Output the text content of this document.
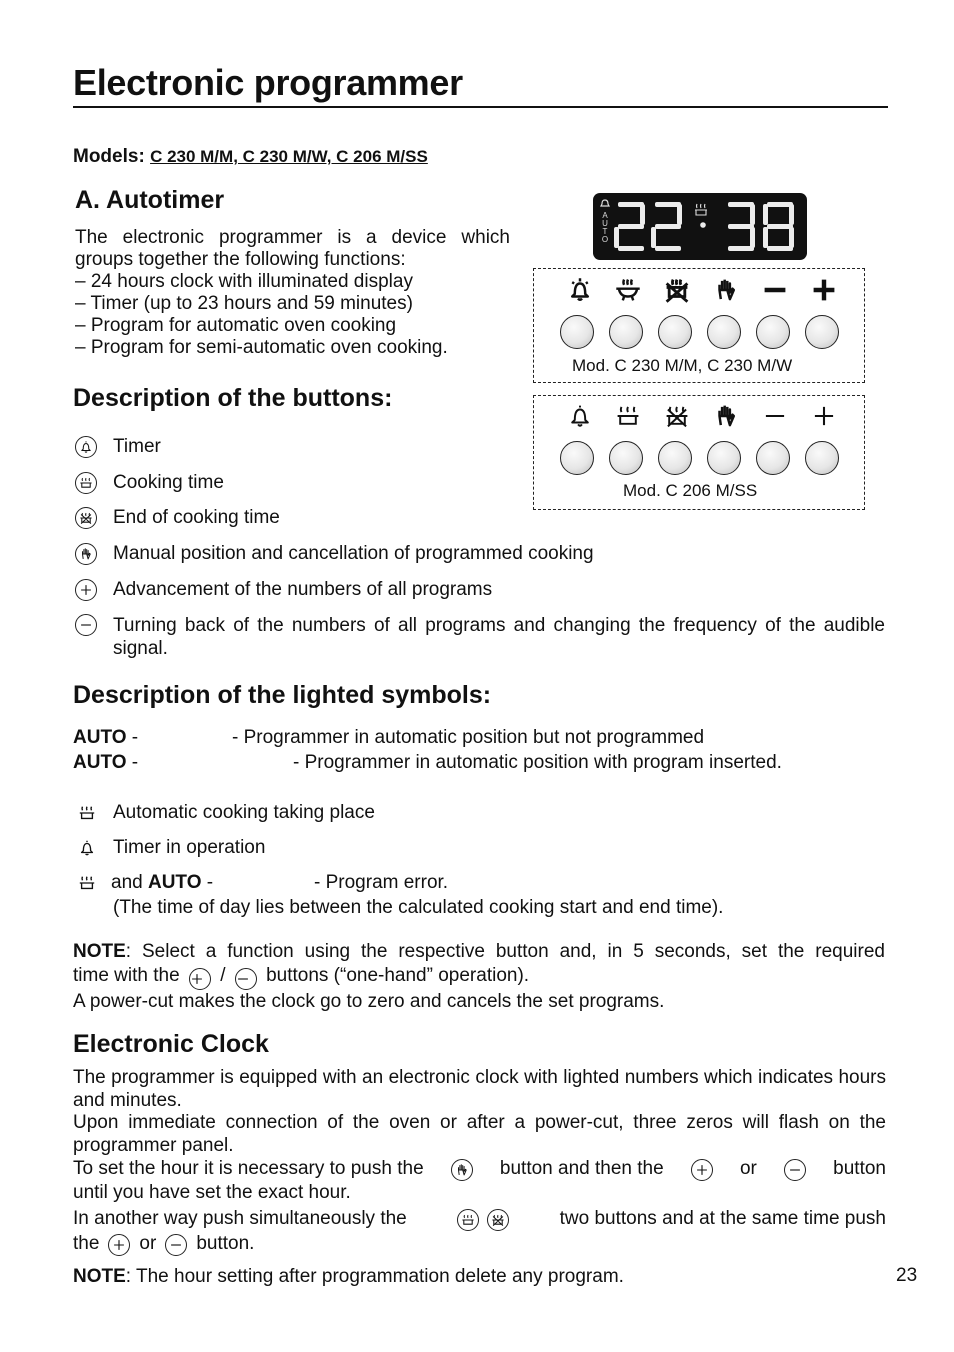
Electronic programmer
Models: C 230 M/M, C 230 M/W, C 206 M/SS
A. Autotimer
The electronic programmer is a device which groups together the following functions:
– 24 hours clock with illuminated display
– Timer (up to 23 hours and 59 minutes)
– Program for automatic oven cooking
– Program for semi-automatic oven cooking.
A U T O
Mod. C 230 M/M, C 230 M/W
Mod. C 206 M/SS
Description of the buttons:
Timer
Cooking time
End of cooking time
Manual position and cancellation of programmed cooking
Advancement of the numbers of all programs
Turning back of the numbers of all programs and changing the frequency of the audible signal.
Description of the lighted symbols:
AUTO -	- Programmer in automatic position but not programmed
AUTO -	- Programmer in automatic position with program inserted.
Automatic cooking taking place
Timer in operation
and AUTO -	- Program error.
(The time of day lies between the calculated cooking start and end time).
NOTE: Select a function using the respective button and, in 5 seconds, set the required
time with the / buttons (“one-hand” operation).
A power-cut makes the clock go to zero and cancels the set programs.
Electronic Clock
The programmer is equipped with an electronic clock with lighted numbers which indicates hours and minutes.
Upon immediate connection of the oven or after a power-cut, three zeros will flash on the programmer panel.
To set the hour it is necessary to push the	button and then the	or	button
until you have set the exact hour.
In another way push simultaneously the	two buttons and at the same time push
the or button.
NOTE: The hour setting after programmation delete any program.	23
